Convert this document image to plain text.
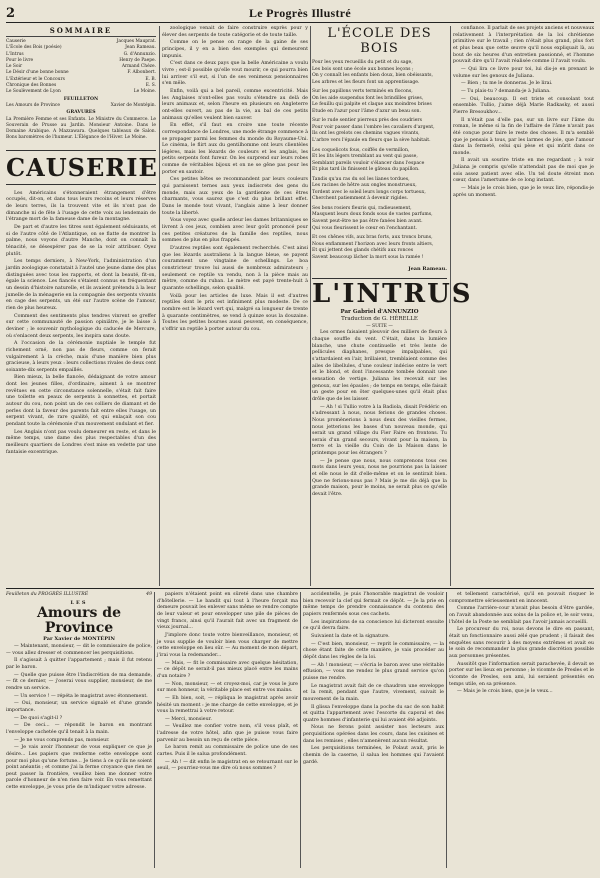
2	Le Progrès Illustré
SOMMAIRE
Causerie	Jacques Mauprat.
L'École des Bois (poésie)	Jean Rameau.
L'Intrus	G. d'Annunzio.
Pour le livre	Henry de Paepe.
Le Soir	Armand Chéze.
Le Désir d'une bonne bonne	F. Albonbert.
L'Extérieur et le Concours	E. B.
Chronique des Bonnes	E. S.
Le Soulèvement de Lyon	Le Moine.
FEUILLETON
Les Amours de Province	Xavier de Montépin.
GRAVURES
La Première Femme et ses Enfants. Le Ministre du Commerce. Le Souverain de Prusse au Jardin. Monsieur Antoine. Dans le Domaine Arabique. A Mazzawara. Quelques tableaux de Salon. Bons baromètres de l'humeur. L'Élégance de l'Hiver. Le Moine.
CAUSERIE

Les Américains s'étonneraient étrangement d'être occupés, dit-on, et dans tous leurs recoins et leurs réserves de leurs terres, ils la trouvent vite et ils n'ont pas de dimanche ni de fête à l'usage de cette voix au lendemain de l'étrange mort de la fameuse dame de la montagne.

De part et d'autre les titres sont également séduisants, et si de l'autre côté de l'Atlantique, on se flatte de montrer la palme, nous voyons d'autre Manche, dont on connaît la ténacité, se désespérer pas de se la voir attribuer. Oyez plutôt.

Les temps derniers, à New-York, l'administration d'un jardin zoologique constatait à l'autel une jeune dame des plus distinguées avec tous les rapports, et dont la beauté, fit-on, égale la science. Les fiancés s'étaient connus en fréquentant un dessin d'histoire naturelle, et ils avaient prétendu à la leur jumelle de la ménagerie en la compagnie des serpents vivants en cage des serpents, un été sur l'autre scène de l'amour, rien de plus heureux.

Comment des sentiments plus tendres vinrent se greffer sur cette communauté de passion opiniâtre, je le laisse à deviner ; le souvenir mythologique du caducée de Mercure, où s'enlacent deux serpents, les inspira sans doute.

A l'occasion de la cérémonie nuptiale le temple fut richement orné, non pas de fleurs, comme on ferait vulgairement à la crèche, mais d'une manière bien plus gracieuse, à leurs yeux : leurs collections rivales de deux cent soixante-dix serpents empaillés.

Bien mieux, la belle fiancée, dédaignant de votre amour dont les jeunes filles, d'ordinaire, aiment à se montrer revêtues en cette circonstance solennelle, s'était fait faire une toilette en peaux de serpents à sonnettes, et portait autour du cou, non point un de ces colliers de diamant et de perles dont la faveur des parents fait entre elles l'usage, un serpent vivant, de rare qualité, et qui enlaçait son cou pendant toute la cérémonie d'un mouvement ondulant et fier.

Les Anglais n'ont pas voulu demeurer en reste, et dans le même temps, une dame des plus respectables d'un des meilleurs quartiers de Londres s'est mise en vedette par une fantaisie excentrique.

zoologique venait de faire construire exprès pour y élever des serpents de toute catégorie et de toute taille.

Comme on le pense on range de la gaine de ses principes, il y en a bien des exemples qui demeurent impunis.

C'est dans ce deux pays que la belle Américaine a voulu vivre ; est-il possible qu'elle vout mourir, ce qui pourra bien lui arriver s'il eut, si l'un de ses venimeux pensionnaires s'en mêle.

Enfin, voilà qui a bel pareil, comme excentricité. Mais les Anglaises n'ont-elles pas voulu s'étendre au delà de leurs animaux et, selon l'heure en plusieurs en Angleterre ont-elles ouvert, au pas de la vie, au bal de ces petits animaux qu'elles veulent bien sauver.

En effet, s'il faut en croire une toute récente correspondance de Londres, une mode étrange commence à se propager parmi les femmes du monde du Royaume-Uni. Le cinéma, le flirt aux du gentilhomme ont leurs clientèles légères, mais les lézards de couleurs et les anglais, les petits serpents font fureur. On les surprend sur leurs robes comme de véritables bijoux et on ne se gêne pas pour les porter en sautoir.

Ces petites bêtes se recommandent par leurs couleurs qui paraissent ternes aux yeux indiscrets des gens du monde, mais aux yeux de la gardienne de ces êtres charmants, vous saurez que c'est du plus brillant effet. Dans le monde tout vivant, l'anglais aime à leur donner toute la liberté.

Vous voyez avec quelle ardeur les dames britanniques se livrent à ces jeux, combien avec leur goût prononcé pour ces petites créatures de la famille des reptiles, nous sommes de plus en plus frappés.

D'autres reptiles sont également recherchés. C'est ainsi que les lézards australiens à la langue bleue, se payent couramment une vingtaine de schellings. Le boa constricteur trouve lui aussi de nombreux admirateurs ; seulement ce reptile va vendu, non à la pièce mais au mètre, comme du ruban. Le mètre est payé trente-huit à quarante schellings, selon qualité.

Voilà pour les articles de luxe. Mais il est d'autres reptiles dont le prix est infiniment plus modeste. De ce nombre est le lézard vert qui, malgré sa longueur de trente à quarante centimètres, se vend à quinze sous la douzaine. Toutes les petites bourses aussi peuvent, en conséquence, s'offrir un reptile à porter autour du cou.

L'ÉCOLE DES BOIS
Pour les yeux recueillis du petit et du sage,
Les bois sont une école aux bonnes leçons ;
On y connaît les enfants bien doux, bien obéissants,
Les arbres et les fleurs font un apprentissage.
Sur les papillons verts terminés en flocons,
On les aide suspendus font les brindilles grises,
Le feuillu qui palpite et claque aux moindres brises
Etude en l'azur pour l'âme d'azur un beau son.
Sur le rude sentier pierreux près des coudriers
Pour voir passer dans l'ombre les cavaliers d'argent,
Ils ont les grelots ces chemins vagues vivants,
L'arbre vers l'épaule en fleurs que la sève habitait.
Les coquelicots fous, coiffés de vermillon,
Et les lits légers tremblant au vent qui passe,
Semblant pareils vouloir s'élancer dans l'espace
Et plus tard ils finissent le gâteau du papillon.
Tandis qu'au ras du sol les lianes tordues,
Les racines de hêtre aux ongles monstrueux,
Tordent avec le soleil leurs longs corps tortueux,
Cherchent patiemment à devenir rigides.
Ses bons rosiers fleuris qui, radieusement,
Masquent leurs doux fonds sous de vastes parfums,
Savent peut-être ne pas être fanées bien avant.
Qui vous fleurissent le cœur en l'enchantant.
Et ces chênes vifs, aux bras forts, aux troncs bruns,
Nous enflamment l'horizon avec leurs fronts altiers,
Et qui jettent des glands chétifs aux ronces
Savent beaucoup lâcher la mort sous la ramée !
Jean Rameau.
L'INTRUS
Par Gabriel d'ANNUNZIO
Traduction de G. HÉRELLE
— SUITE —

Les ormes faisaient pleuvoir des milliers de fleurs à chaque souffle du vent. C'était, dans la lumière blanche, une chute continuelle et très lente de pellicules diaphanes, presque impalpables, qui s'attardaient en l'air, brillaient, tremblaient comme des ailes de libellules, d'une couleur indécise entre le vert et le blond, et dont l'incessante tombée donnait une sensation de vertige. Juliana les recevait sur les genoux, sur les épaules ; de temps en temps, elle faisait un geste pour en ôter quelques-unes qu'il était plus drôle que de les laisser.

— Ah ! si Tullio votre à la Badiola, disait Frédéric en s'adressant à nous, nous ferions de grandes choses. Nous promènerions à nous deux des vieilles fermes, nous jetterions les bases d'un nouveau monde, qui serait un grand village du Fier Faire en frontons. Tu serais d'un grand secours, vivant pour la maison, la terre et la vieille du Coin de la Maison dans le printemps pour les étrangers ?

— Je pense que nous, nous comprenons tous ces mots dans leurs yeux, nous ne pourrions pas la laisser et elle nous le dit d'elle-même et on le sentirait bien. Que ne ferions-nous pas ? Mais je me dis déjà que la grande maison, pour le moins, ne serait plus ce qu'elle devait l'être.

confiance. Il parlait de ses projets anciens et nouveaux relativement à l'interprétation de la loi chrétienne primitive sur le travail ; rien n'était plus grand, plus fort et plus beau que cette œuvre qu'il nous expliquait là, au bout de six heures d'un entretien passionné, et l'homme pouvait dire qu'il l'avait réalisée comme il l'avait voulu.

— Qui lira ce livre pour toi, lui dis-je en prenant le volume sur les genoux de Juliana.

— Bien ; tu me le donneras. Je le lirai.

— Tu plais-tu ? demanda-je à Juliana.

— Oui, beaucoup. Il est triste et consolant tout ensemble. Tullio, j'aime déjà Marie Radkasky, et aussi Pierre Bresoukhov...

Il n'était pas d'elle pas, sur un livre sur l'âme du roman, le même si la fin de l'affaire de l'âme n'avait pas été conçue pour faire le reste des choses. Il m'a semblé que je pensais à tous, par les larmes de joie, que l'amour dans la fermeté, celui qui pèse et qui mûrit dans ce monde.

Il avait un sourire triste en me regardant ; à voir Juliana je compris qu'elle n'attendait pas de moi que je sois assez patient avec elle. Un tel doute étreint mon cœur, dans l'amertume de ce long instant.

— Mais je le crois bien, que je le veux lire, répondis-je après un moment.

Feuilleton du PROGRÈS ILLUSTRÉ	49
LES
Amours de Province
Par Xavier de MONTÉPIN

— Maintenant, monsieur, — dit le commissaire de police, — vous allez dresser et commencer les perquisitions.

Il s'agissait à quitter l'appartement ; mais il fut retenu par le baron.

— Quelle que puisse être l'indiscrétion de ma demande, — fit ce dernier, — j'oserai vous supplier, monsieur, de me rendre un service.

— Un service ! — répéta le magistrat avec étonnement.

— Oui, monsieur, un service signalé et d'une grande importance.

— De quoi s'agit-il ?

— De ceci... — répondit le baron en montrant l'enveloppe cachetée qu'il tenait à la main.

— Je ne vous comprends pas, monsieur.

— Je vais avoir l'honneur de vous expliquer ce que je désire... Les papiers que renferme cette enveloppe sont pour moi plus qu'une fortune... Je tiens à ce qu'ils ne soient point anéantis ; et comme j'ai la ferme croyance que rien ne peut passer la frontière, veuillez bien me donner votre parole d'honneur de n'en rien faire voir. En vous remettant cette enveloppe, je vous prie de m'indiquer votre adresse.

papiers n'étaient point en sûreté dans une chambre d'hôtellerie. — Le bandit qui tout à l'heure forçait ma demeure pouvait les enlever sans même se rendre compte de leur valeur et pour envelopper une pile de pièces de vingt francs, ainsi qu'il l'aurait fait avec un fragment de vieux journal...

J'implore donc toute votre bienveillance, monsieur, et je vous supplie de vouloir bien vous charger de mettre cette enveloppe en lieu sûr. — Au moment de mon départ, j'irai vous la redemander...

— Mais, — fit le commissaire avec quelque hésitation, — ce dépôt ne serait-il pas mieux placé entre les mains d'un notaire ?

— Non, monsieur, — et croyez-moi, car je vous le jure sur mon honneur, la véritable place est entre vos mains.

— Eh bien, soit, — répliqua le magistrat après avoir hésité un moment : je me charge de cette enveloppe, et je vous la remettrai à votre retour.

— Merci, monsieur.

— Veuillez me confier votre nom, s'il vous plaît, et l'adresse de votre hôtel, afin que je puisse vous faire parvenir au besoin un reçu de cette pièce.

Le baron remit au commissaire de police une de ses cartes. Puis il le salua profondément.

— Ah ! — dit enfin le magistrat en se retournant sur le seuil, — pourriez-vous me dire où nous sommes ?

accidentelle, je puis l'honorable magistrat de vouloir bien recevoir la clef qui fermait ce dépôt. — Je la prie en même temps de prendre connaissance du contenu des papiers renfermés sous ces cachets.

Les inspirations de sa conscience lui dicteront ensuite ce qu'il devra faire.

Suivaient la date et la signature.

— C'est bien, monsieur, — reprit le commissaire, — la chose étant faite de cette manière, je vais procéder au dépôt dans les règles de la loi.

— Ah ! monsieur, — s'écria le baron avec une véritable effusion, — vous me rendez le plus grand service qu'on puisse me rendre.

Le magistrat avait fait de ce chaudron une enveloppe et la remit, pendant que l'autre, vivement, suivait le mouvement de la main.

Il glissa l'enveloppe dans la poche du sac de son habit et quitta l'appartement avec l'escorte du caporal et des quatre hommes d'infanterie qui lui avaient été adjoints.

Nous ne ferons point assister nos lecteurs aux perquisitions opérées dans les cours, dans les cuisines et dans les remises ; elles n'amenèrent aucun résultat.

Les perquisitions terminées, le Polaut avait, pris le chemin de la caserne, il salua les hommes qui l'avaient gardé.

et tellement caractérisé, qu'il en pouvait risquer le compromettre sérieusement en innocent.

Comme l'arrière-cour n'avait plus besoin d'être gardée, on l'avait abandonnée aux soins de la police et, le soir venu, l'hôtel de la Poste ne semblait pas l'avoir jamais accueilli.

Le procureur du roi, nous devons le dire en passant, était un fonctionnaire aussi zélé que prudent ; il faisait des enquêtes sans recourir à des moyens extrêmes et avait eu le soin de recommander la plus grande discrétion possible aux personnes présentes.

Aussitôt que l'information serait parachevée, il devait se porter sur les lieux en personne ; le vicomte de Presles et le vicomte de Presles, son ami, lui seraient présentés en temps utile, en sa présence.

— Mais je le crois bien, que je le veux...
